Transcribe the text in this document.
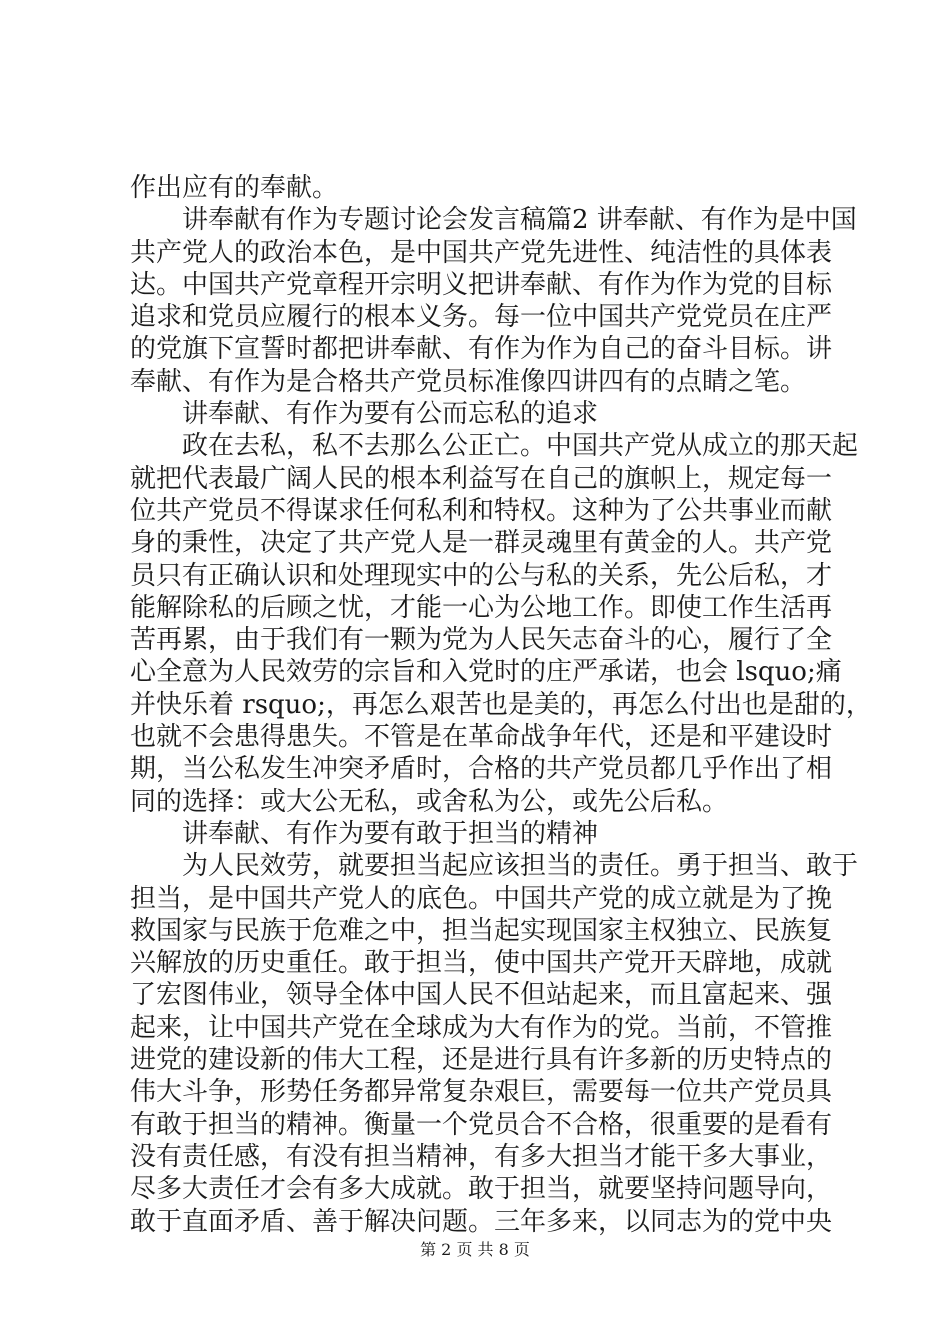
作出应有的奉献。
　　讲奉献有作为专题讨论会发言稿篇2 讲奉献、有作为是中国
共产党人的政治本色，是中国共产党先进性、纯洁性的具体表
达。中国共产党章程开宗明义把讲奉献、有作为作为党的目标
追求和党员应履行的根本义务。每一位中国共产党党员在庄严
的党旗下宣誓时都把讲奉献、有作为作为自己的奋斗目标。讲
奉献、有作为是合格共产党员标准像四讲四有的点睛之笔。
　　讲奉献、有作为要有公而忘私的追求
　　政在去私，私不去那么公正亡。中国共产党从成立的那天起
就把代表最广阔人民的根本利益写在自己的旗帜上，规定每一
位共产党员不得谋求任何私利和特权。这种为了公共事业而献
身的秉性，决定了共产党人是一群灵魂里有黄金的人。共产党
员只有正确认识和处理现实中的公与私的关系，先公后私，才
能解除私的后顾之忧，才能一心为公地工作。即使工作生活再
苦再累，由于我们有一颗为党为人民矢志奋斗的心，履行了全
心全意为人民效劳的宗旨和入党时的庄严承诺，也会 lsquo;痛
并快乐着 rsquo;，再怎么艰苦也是美的，再怎么付出也是甜的，
也就不会患得患失。不管是在革命战争年代，还是和平建设时
期，当公私发生冲突矛盾时，合格的共产党员都几乎作出了相
同的选择：或大公无私，或舍私为公，或先公后私。
　　讲奉献、有作为要有敢于担当的精神
　　为人民效劳，就要担当起应该担当的责任。勇于担当、敢于
担当，是中国共产党人的底色。中国共产党的成立就是为了挽
救国家与民族于危难之中，担当起实现国家主权独立、民族复
兴解放的历史重任。敢于担当，使中国共产党开天辟地，成就
了宏图伟业，领导全体中国人民不但站起来，而且富起来、强
起来，让中国共产党在全球成为大有作为的党。当前，不管推
进党的建设新的伟大工程，还是进行具有许多新的历史特点的
伟大斗争，形势任务都异常复杂艰巨，需要每一位共产党员具
有敢于担当的精神。衡量一个党员合不合格，很重要的是看有
没有责任感，有没有担当精神，有多大担当才能干多大事业，
尽多大责任才会有多大成就。敢于担当，就要坚持问题导向，
敢于直面矛盾、善于解决问题。三年多来，以同志为的党中央
第 2 页 共 8 页
